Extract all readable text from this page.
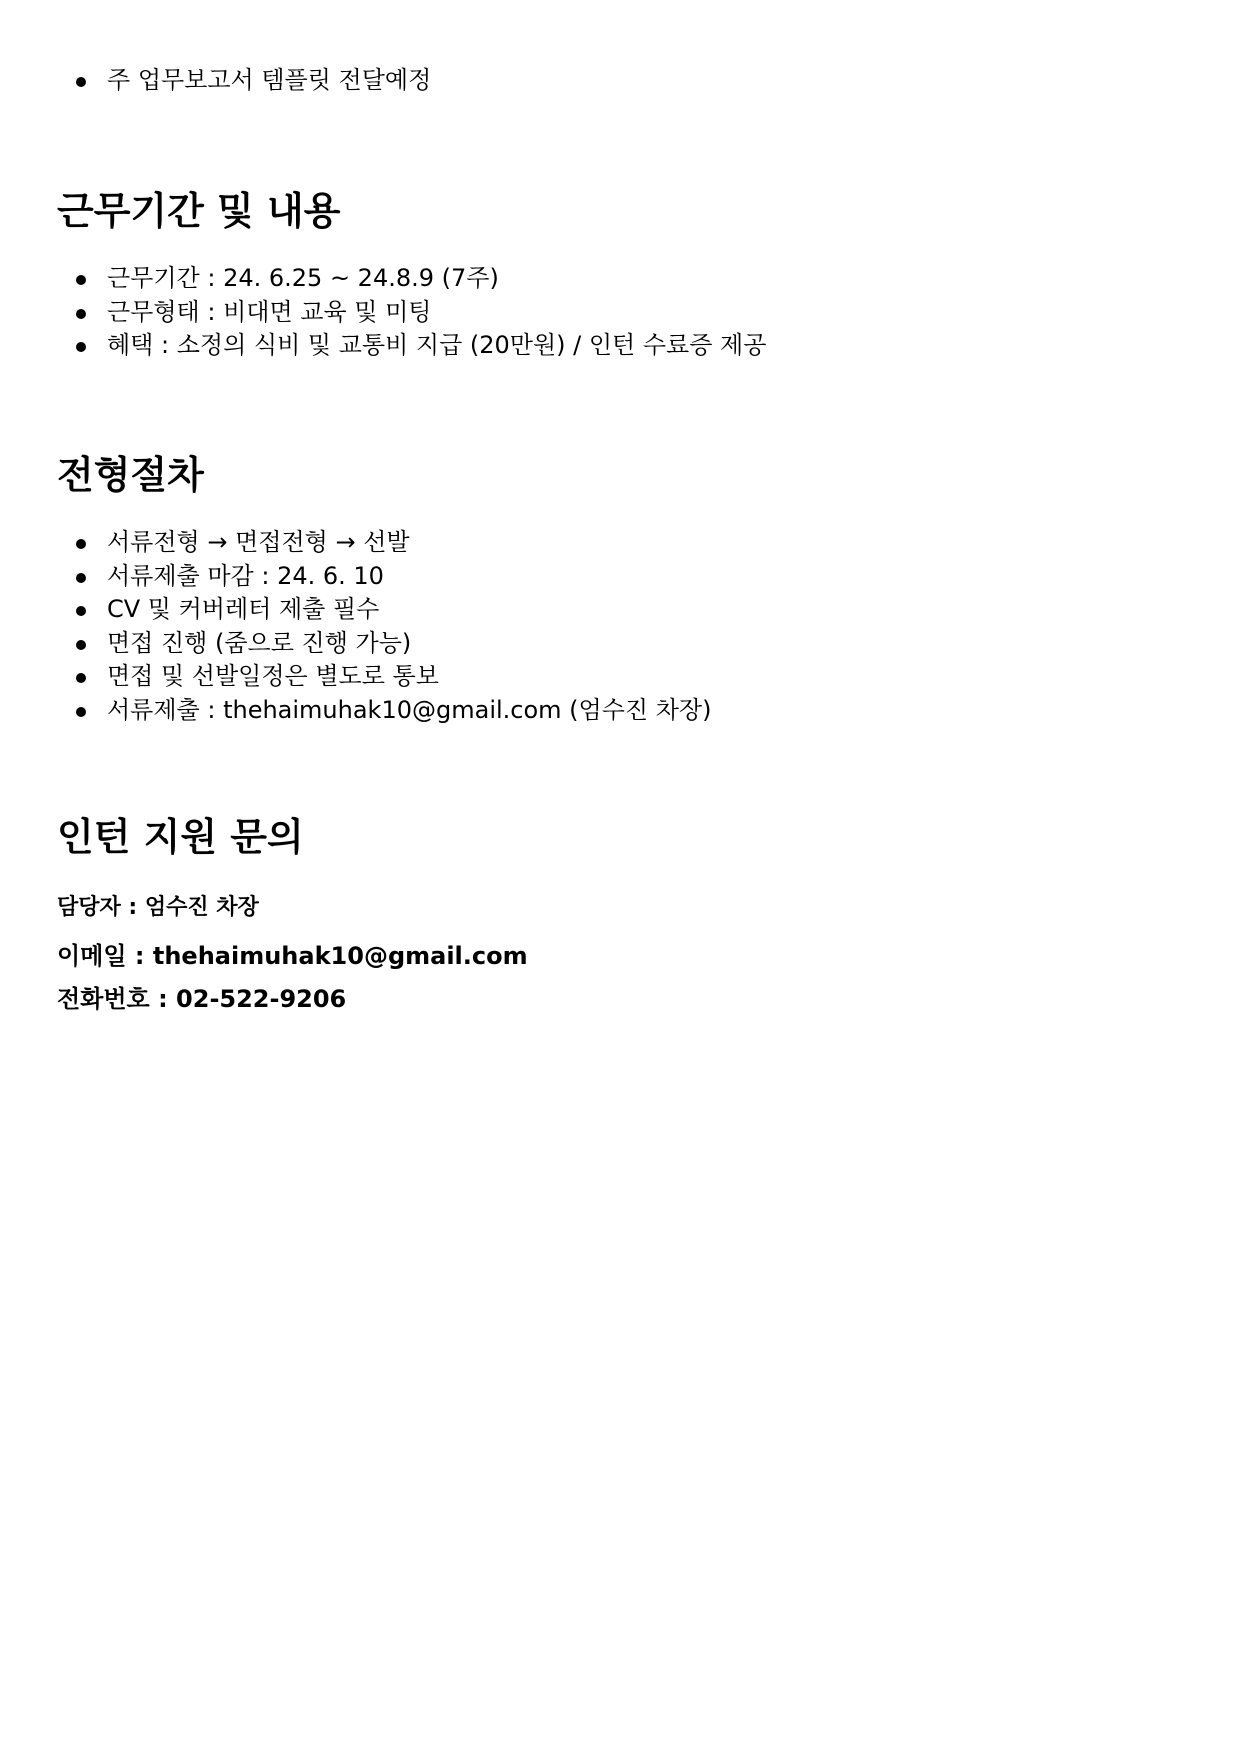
주 업무보고서 템플릿 전달예정
근무기간 및 내용
근무기간 : 24. 6.25 ~ 24.8.9 (7주)
근무형태 : 비대면 교육 및 미팅
혜택 : 소정의 식비 및 교통비 지급 (20만원) / 인턴 수료증 제공
전형절차
서류전형 → 면접전형 → 선발
서류제출 마감 : 24. 6. 10
CV 및 커버레터 제출 필수
면접 진행 (줌으로 진행 가능)
면접 및 선발일정은 별도로 통보
서류제출 : thehaimuhak10@gmail.com (엄수진 차장)
인턴 지원 문의

담당자 : 엄수진 차장

이메일 : thehaimuhak10@gmail.com

전화번호 : 02-522-9206
